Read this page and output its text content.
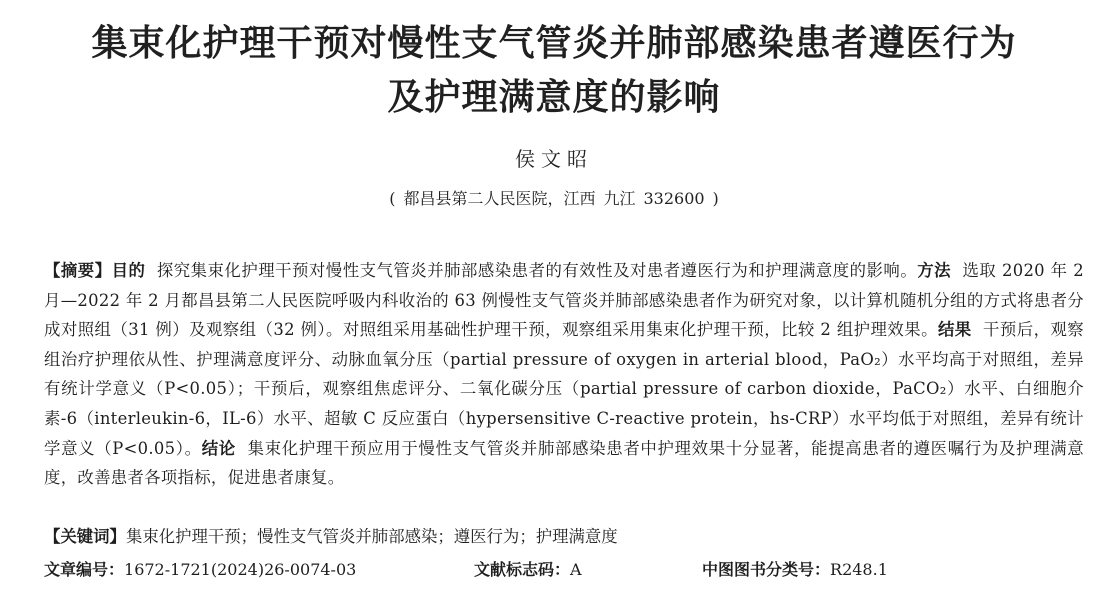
集束化护理干预对慢性支气管炎并肺部感染患者遵医行为
及护理满意度的影响
侯文昭
( 都昌县第二人民医院，江西 九江 332600 )
【摘要】目的 探究集束化护理干预对慢性支气管炎并肺部感染患者的有效性及对患者遵医行为和护理满意度的影响。方法 选取 2020 年 2 月—2022 年 2 月都昌县第二人民医院呼吸内科收治的 63 例慢性支气管炎并肺部感染患者作为研究对象，以计算机随机分组的方式将患者分成对照组（31 例）及观察组（32 例）。对照组采用基础性护理干预，观察组采用集束化护理干预，比较 2 组护理效果。结果 干预后，观察组治疗护理依从性、护理满意度评分、动脉血氧分压（partial pressure of oxygen in arterial blood，PaO₂）水平均高于对照组，差异有统计学意义（P<0.05）；干预后，观察组焦虑评分、二氧化碳分压（partial pressure of carbon dioxide，PaCO₂）水平、白细胞介素-6（interleukin-6，IL-6）水平、超敏 C 反应蛋白（hypersensitive C-reactive protein，hs-CRP）水平均低于对照组，差异有统计学意义（P<0.05）。结论 集束化护理干预应用于慢性支气管炎并肺部感染患者中护理效果十分显著，能提高患者的遵医嘱行为及护理满意度，改善患者各项指标，促进患者康复。
【关键词】集束化护理干预；慢性支气管炎并肺部感染；遵医行为；护理满意度
文章编号：1672-1721(2024)26-0074-03	文献标志码：A	中图图书分类号：R248.1
